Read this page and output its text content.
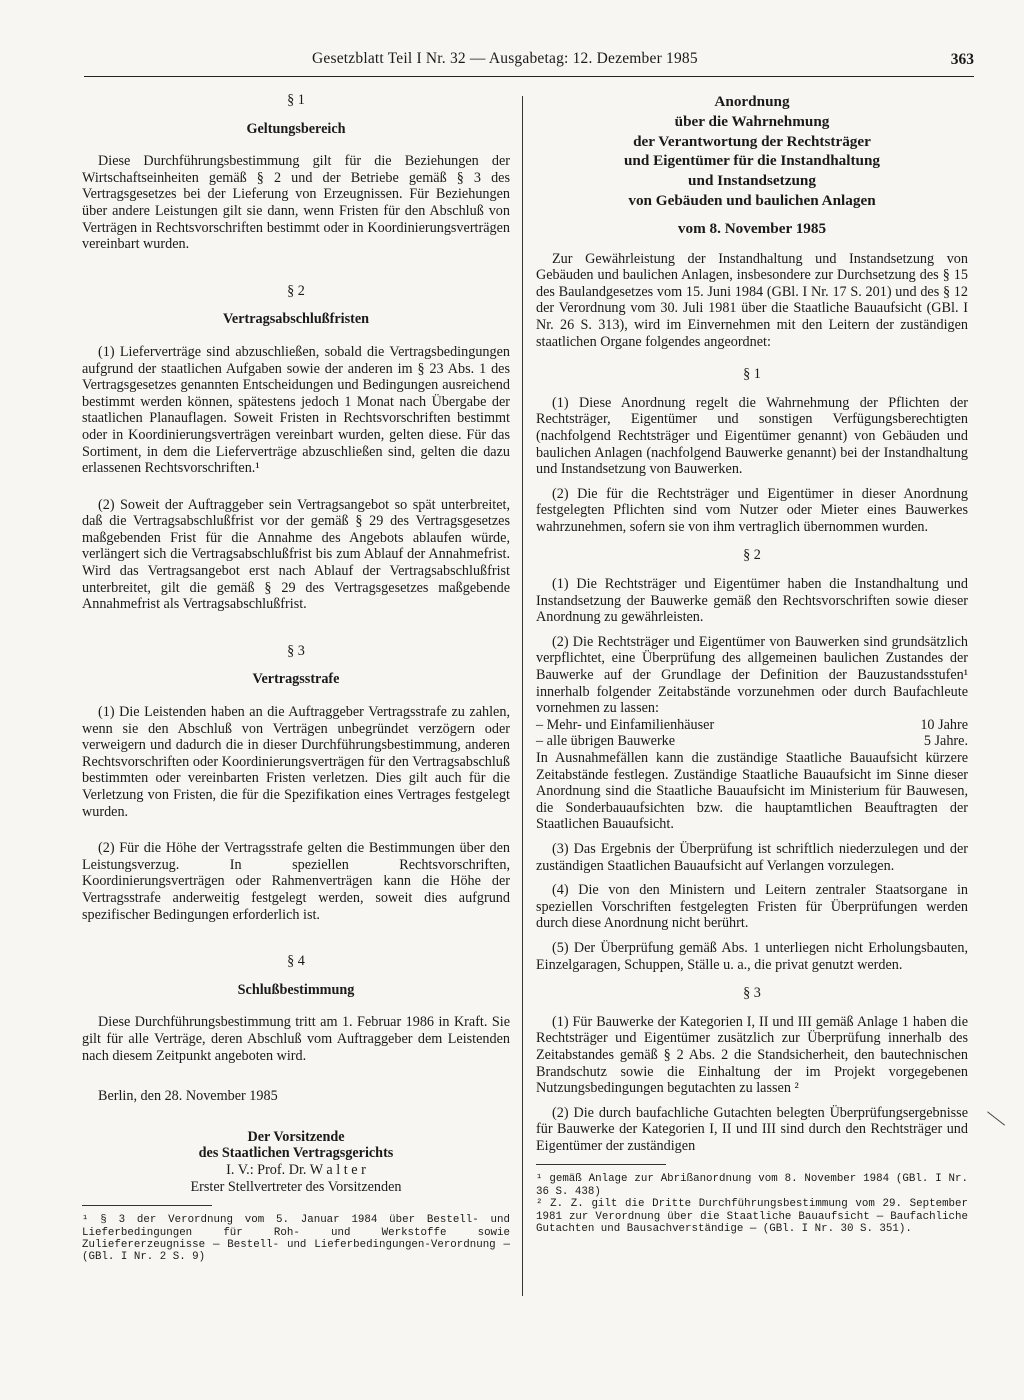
Gesetzblatt Teil I Nr. 32 — Ausgabetag: 12. Dezember 1985	363

§ 1

Geltungsbereich

Diese Durchführungsbestimmung gilt für die Beziehungen der Wirtschaftseinheiten gemäß § 2 und der Betriebe gemäß § 3 des Vertragsgesetzes bei der Lieferung von Erzeugnissen. Für Beziehungen über andere Leistungen gilt sie dann, wenn Fristen für den Abschluß von Verträgen in Rechtsvorschriften bestimmt oder in Koordinierungsverträgen vereinbart wurden.

§ 2

Vertragsabschlußfristen

(1) Lieferverträge sind abzuschließen, sobald die Vertragsbedingungen aufgrund der staatlichen Aufgaben sowie der anderen im § 23 Abs. 1 des Vertragsgesetzes genannten Entscheidungen und Bedingungen ausreichend bestimmt werden können, spätestens jedoch 1 Monat nach Übergabe der staatlichen Planauflagen. Soweit Fristen in Rechtsvorschriften bestimmt oder in Koordinierungsverträgen vereinbart wurden, gelten diese. Für das Sortiment, in dem die Lieferverträge abzuschließen sind, gelten die dazu erlassenen Rechtsvorschriften.¹

(2) Soweit der Auftraggeber sein Vertragsangebot so spät unterbreitet, daß die Vertragsabschlußfrist vor der gemäß § 29 des Vertragsgesetzes maßgebenden Frist für die Annahme des Angebots ablaufen würde, verlängert sich die Vertragsabschlußfrist bis zum Ablauf der Annahmefrist. Wird das Vertragsangebot erst nach Ablauf der Vertragsabschlußfrist unterbreitet, gilt die gemäß § 29 des Vertragsgesetzes maßgebende Annahmefrist als Vertragsabschlußfrist.

§ 3

Vertragsstrafe

(1) Die Leistenden haben an die Auftraggeber Vertragsstrafe zu zahlen, wenn sie den Abschluß von Verträgen unbegründet verzögern oder verweigern und dadurch die in dieser Durchführungsbestimmung, anderen Rechtsvorschriften oder Koordinierungsverträgen für den Vertragsabschluß bestimmten oder vereinbarten Fristen verletzen. Dies gilt auch für die Verletzung von Fristen, die für die Spezifikation eines Vertrages festgelegt wurden.

(2) Für die Höhe der Vertragsstrafe gelten die Bestimmungen über den Leistungsverzug. In speziellen Rechtsvorschriften, Koordinierungsverträgen oder Rahmenverträgen kann die Höhe der Vertragsstrafe anderweitig festgelegt werden, soweit dies aufgrund spezifischer Bedingungen erforderlich ist.

§ 4

Schlußbestimmung

Diese Durchführungsbestimmung tritt am 1. Februar 1986 in Kraft. Sie gilt für alle Verträge, deren Abschluß vom Auftraggeber dem Leistenden nach diesem Zeitpunkt angeboten wird.

Berlin, den 28. November 1985

Der Vorsitzende

des Staatlichen Vertragsgerichts

I. V.: Prof. Dr. W a l t e r

Erster Stellvertreter des Vorsitzenden

¹ § 3 der Verordnung vom 5. Januar 1984 über Bestell- und Lieferbedingungen für Roh- und Werkstoffe sowie Zuliefererzeugnisse — Bestell- und Lieferbedingungen-Verordnung — (GBl. I Nr. 2 S. 9)

Anordnung

über die Wahrnehmung

der Verantwortung der Rechtsträger

und Eigentümer für die Instandhaltung

und Instandsetzung

von Gebäuden und baulichen Anlagen

vom 8. November 1985

Zur Gewährleistung der Instandhaltung und Instandsetzung von Gebäuden und baulichen Anlagen, insbesondere zur Durchsetzung des § 15 des Baulandgesetzes vom 15. Juni 1984 (GBl. I Nr. 17 S. 201) und des § 12 der Verordnung vom 30. Juli 1981 über die Staatliche Bauaufsicht (GBl. I Nr. 26 S. 313), wird im Einvernehmen mit den Leitern der zuständigen staatlichen Organe folgendes angeordnet:

§ 1

(1) Diese Anordnung regelt die Wahrnehmung der Pflichten der Rechtsträger, Eigentümer und sonstigen Verfügungsberechtigten (nachfolgend Rechtsträger und Eigentümer genannt) von Gebäuden und baulichen Anlagen (nachfolgend Bauwerke genannt) bei der Instandhaltung und Instandsetzung von Bauwerken.

(2) Die für die Rechtsträger und Eigentümer in dieser Anordnung festgelegten Pflichten sind vom Nutzer oder Mieter eines Bauwerkes wahrzunehmen, sofern sie von ihm vertraglich übernommen wurden.

§ 2

(1) Die Rechtsträger und Eigentümer haben die Instandhaltung und Instandsetzung der Bauwerke gemäß den Rechtsvorschriften sowie dieser Anordnung zu gewährleisten.

(2) Die Rechtsträger und Eigentümer von Bauwerken sind grundsätzlich verpflichtet, eine Überprüfung des allgemeinen baulichen Zustandes der Bauwerke auf der Grundlage der Definition der Bauzustandsstufen¹ innerhalb folgender Zeitabstände vorzunehmen oder durch Baufachleute vornehmen zu lassen:

– Mehr- und Einfamilienhäuser	10 Jahre
– alle übrigen Bauwerke	5 Jahre.

In Ausnahmefällen kann die zuständige Staatliche Bauaufsicht kürzere Zeitabstände festlegen. Zuständige Staatliche Bauaufsicht im Sinne dieser Anordnung sind die Staatliche Bauaufsicht im Ministerium für Bauwesen, die Sonderbauaufsichten bzw. die hauptamtlichen Beauftragten der Staatlichen Bauaufsicht.

(3) Das Ergebnis der Überprüfung ist schriftlich niederzulegen und der zuständigen Staatlichen Bauaufsicht auf Verlangen vorzulegen.

(4) Die von den Ministern und Leitern zentraler Staatsorgane in speziellen Vorschriften festgelegten Fristen für Überprüfungen werden durch diese Anordnung nicht berührt.

(5) Der Überprüfung gemäß Abs. 1 unterliegen nicht Erholungsbauten, Einzelgaragen, Schuppen, Ställe u. a., die privat genutzt werden.

§ 3

(1) Für Bauwerke der Kategorien I, II und III gemäß Anlage 1 haben die Rechtsträger und Eigentümer zusätzlich zur Überprüfung innerhalb des Zeitabstandes gemäß § 2 Abs. 2 die Standsicherheit, den bautechnischen Brandschutz sowie die Einhaltung der im Projekt vorgegebenen Nutzungsbedingungen begutachten zu lassen ²

(2) Die durch baufachliche Gutachten belegten Überprüfungsergebnisse für Bauwerke der Kategorien I, II und III sind durch den Rechtsträger und Eigentümer der zuständigen

¹ gemäß Anlage zur Abrißanordnung vom 8. November 1984 (GBl. I Nr. 36 S. 438)

² Z. Z. gilt die Dritte Durchführungsbestimmung vom 29. September 1981 zur Verordnung über die Staatliche Bauaufsicht — Baufachliche Gutachten und Bausachverständige — (GBl. I Nr. 30 S. 351).
